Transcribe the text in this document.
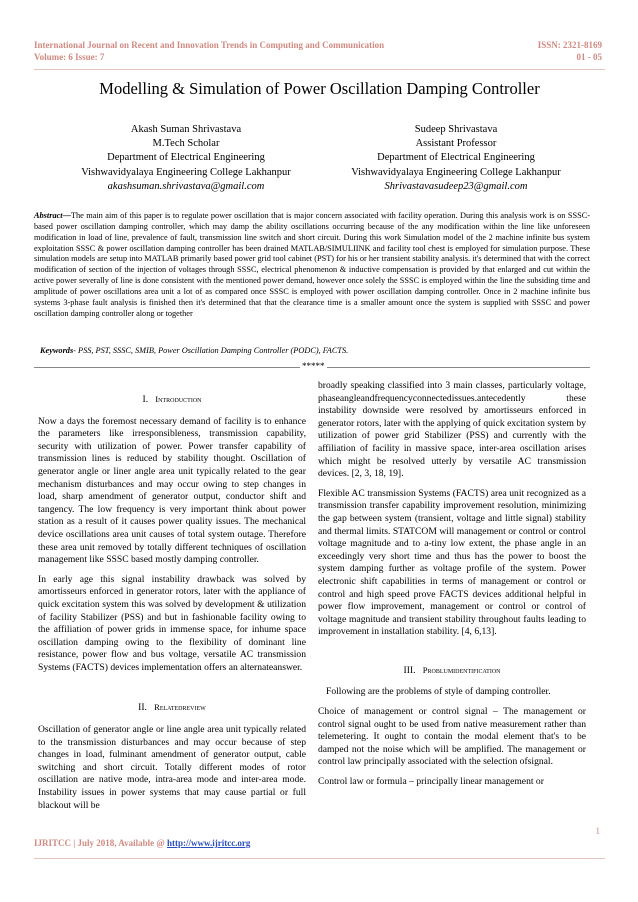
International Journal on Recent and Innovation Trends in Computing and Communication
Volume: 6 Issue: 7
ISSN: 2321-8169
01 - 05
Modelling & Simulation of Power Oscillation Damping Controller
Akash Suman Shrivastava
M.Tech Scholar
Department of Electrical Engineering
Vishwavidyalaya Engineering College Lakhanpur
akashsuman.shrivastava@gmail.com
Sudeep Shrivastava
Assistant Professor
Department of Electrical Engineering
Vishwavidyalaya Engineering College Lakhanpur
Shrivastavasudeep23@gmail.com
Abstract—The main aim of this paper is to regulate power oscillation that is major concern associated with facility operation. During this analysis work is on SSSC-based power oscillation damping controller, which may damp the ability oscillations occurring because of the any modification within the line like unforeseen modification in load of line, prevalence of fault, transmission line switch and short circuit. During this work Simulation model of the 2 machine infinite bus system exploitation SSSC & power oscillation damping controller has been drained MATLAB/SIMULIINK and facility tool chest is employed for simulation purpose. These simulation models are setup into MATLAB primarily based power grid tool cabinet (PST) for his or her transient stability analysis. it's determined that with the correct modification of section of the injection of voltages through SSSC, electrical phenomenon & inductive compensation is provided by that enlarged and cut within the active power severally of line is done consistent with the mentioned power demand, however once solely the SSSC is employed within the line the subsiding time and amplitude of power oscillations area unit a lot of as compared once SSSC is employed with power oscillation damping controller. Once in 2 machine infinite bus systems 3-phase fault analysis is finished then it's determined that that the clearance time is a smaller amount once the system is supplied with SSSC and power oscillation damping controller along or together
Keywords- PSS, PST, SSSC, SMIB, Power Oscillation Damping Controller (PODC), FACTS.
*****
I. Introduction

Now a days the foremost necessary demand of facility is to enhance the parameters like irresponsibleness, transmission capability, security with utilization of power. Power transfer capability of transmission lines is reduced by stability thought. Oscillation of generator angle or liner angle area unit typically related to the gear mechanism disturbances and may occur owing to step changes in load, sharp amendment of generator output, conductor shift and tangency. The low frequency is very important think about power station as a result of it causes power quality issues. The mechanical device oscillations area unit causes of total system outage. Therefore these area unit removed by totally different techniques of oscillation management like SSSC based mostly damping controller.

In early age this signal instability drawback was solved by amortisseurs enforced in generator rotors, later with the appliance of quick excitation system this was solved by development & utilization of facility Stabilizer (PSS) and but in fashionable facility owing to the affiliation of power grids in immense space, for inhume space oscillation damping owing to the flexibility of dominant line resistance, power flow and bus voltage, versatile AC transmission Systems (FACTS) devices implementation offers an alternateanswer.

II. Relatedreview

Oscillation of generator angle or line angle area unit typically related to the transmission disturbances and may occur because of step changes in load, fulminant amendment of generator output, cable switching and short circuit. Totally different modes of rotor oscillation are native mode, intra-area mode and inter-area mode. Instability issues in power systems that may cause partial or full blackout will be

broadly speaking classified into 3 main classes, particularly voltage, phaseangleandfrequencyconnectedissues.antecedently these instability downside were resolved by amortisseurs enforced in generator rotors, later with the applying of quick excitation system by utilization of power grid Stabilizer (PSS) and currently with the affiliation of facility in massive space, inter-area oscillation arises which might be resolved utterly by versatile AC transmission devices. [2, 3, 18, 19].

Flexible AC transmission Systems (FACTS) area unit recognized as a transmission transfer capability improvement resolution, minimizing the gap between system (transient, voltage and little signal) stability and thermal limits. STATCOM will management or control or control voltage magnitude and to a-tiny low extent, the phase angle in an exceedingly very short time and thus has the power to boost the system damping further as voltage profile of the system. Power electronic shift capabilities in terms of management or control or control and high speed prove FACTS devices additional helpful in power flow improvement, management or control or control of voltage magnitude and transient stability throughout faults leading to improvement in installation stability. [4, 6,13].

III. Problumidentification

Following are the problems of style of damping controller.

Choice of management or control signal – The management or control signal ought to be used from native measurement rather than telemetering. It ought to contain the modal element that's to be damped not the noise which will be amplified. The management or control law principally associated with the selection ofsignal.

Control law or formula – principally linear management or

1
IJRITCC | July 2018, Available @ http://www.ijritcc.org
